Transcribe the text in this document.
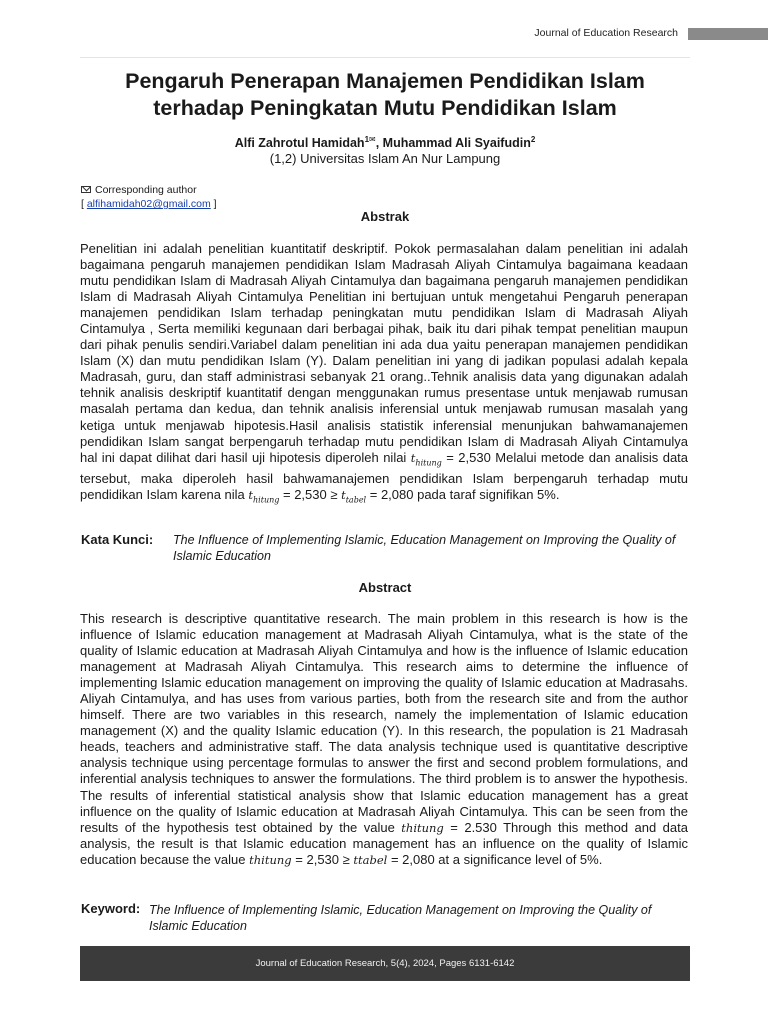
Journal of Education Research
Pengaruh Penerapan Manajemen Pendidikan Islam
terhadap Peningkatan Mutu Pendidikan Islam
Alfi Zahrotul Hamidah$^{1✉}$, Muhammad Ali Syaifudin$^2$
(1,2) Universitas Islam An Nur Lampung
Corresponding author
[ alfihamidah02@gmail.com ]
Abstrak
Penelitian ini adalah penelitian kuantitatif deskriptif. Pokok permasalahan dalam penelitian ini adalah bagaimana pengaruh manajemen pendidikan Islam Madrasah Aliyah Cintamulya bagaimana keadaan mutu pendidikan Islam di Madrasah Aliyah Cintamulya dan bagaimana pengaruh manajemen pendidikan Islam di Madrasah Aliyah Cintamulya Penelitian ini bertujuan untuk mengetahui Pengaruh penerapan manajemen pendidikan Islam terhadap peningkatan mutu pendidikan Islam di Madrasah Aliyah Cintamulya , Serta memiliki kegunaan dari berbagai pihak, baik itu dari pihak tempat penelitian maupun dari pihak penulis sendiri.Variabel dalam penelitian ini ada dua yaitu penerapan manajemen pendidikan Islam (X) dan mutu pendidikan Islam (Y). Dalam penelitian ini yang di jadikan populasi adalah kepala Madrasah, guru, dan staff administrasi sebanyak 21 orang..Tehnik analisis data yang digunakan adalah tehnik analisis deskriptif kuantitatif dengan menggunakan rumus presentase untuk menjawab rumusan masalah pertama dan kedua, dan tehnik analisis inferensial untuk menjawab rumusan masalah yang ketiga untuk menjawab hipotesis.Hasil analisis statistik inferensial menunjukan bahwamanajemen pendidikan Islam sangat berpengaruh terhadap mutu pendidikan Islam di Madrasah Aliyah Cintamulya hal ini dapat dilihat dari hasil uji hipotesis diperoleh nilai $t_{hitung} = 2,530$ Melalui metode dan analisis data tersebut, maka diperoleh hasil bahwamanajemen pendidikan Islam berpengaruh terhadap mutu pendidikan Islam karena nila $t_{hitung} = 2,530 \ge t_{tabel} = 2,080$ pada taraf signifikan 5%.
Kata Kunci: The Influence of Implementing Islamic, Education Management on Improving the Quality of Islamic Education
Abstract
This research is descriptive quantitative research. The main problem in this research is how is the influence of Islamic education management at Madrasah Aliyah Cintamulya, what is the state of the quality of Islamic education at Madrasah Aliyah Cintamulya and how is the influence of Islamic education management at Madrasah Aliyah Cintamulya. This research aims to determine the influence of implementing Islamic education management on improving the quality of Islamic education at Madrasahs. Aliyah Cintamulya, and has uses from various parties, both from the research site and from the author himself. There are two variables in this research, namely the implementation of Islamic education management (X) and the quality Islamic education (Y). In this research, the population is 21 Madrasah heads, teachers and administrative staff. The data analysis technique used is quantitative descriptive analysis technique using percentage formulas to answer the first and second problem formulations, and inferential analysis techniques to answer the formulations. The third problem is to answer the hypothesis. The results of inferential statistical analysis show that Islamic education management has a great influence on the quality of Islamic education at Madrasah Aliyah Cintamulya. This can be seen from the results of the hypothesis test obtained by the value thitung = 2.530 Through this method and data analysis, the result is that Islamic education management has an influence on the quality of Islamic education because the value thitung = 2,530 ≥ ttabel = 2,080 at a significance level of 5%.
Keyword: The Influence of Implementing Islamic, Education Management on Improving the Quality of Islamic Education
Journal of Education Research, 5(4), 2024, Pages 6131-6142
